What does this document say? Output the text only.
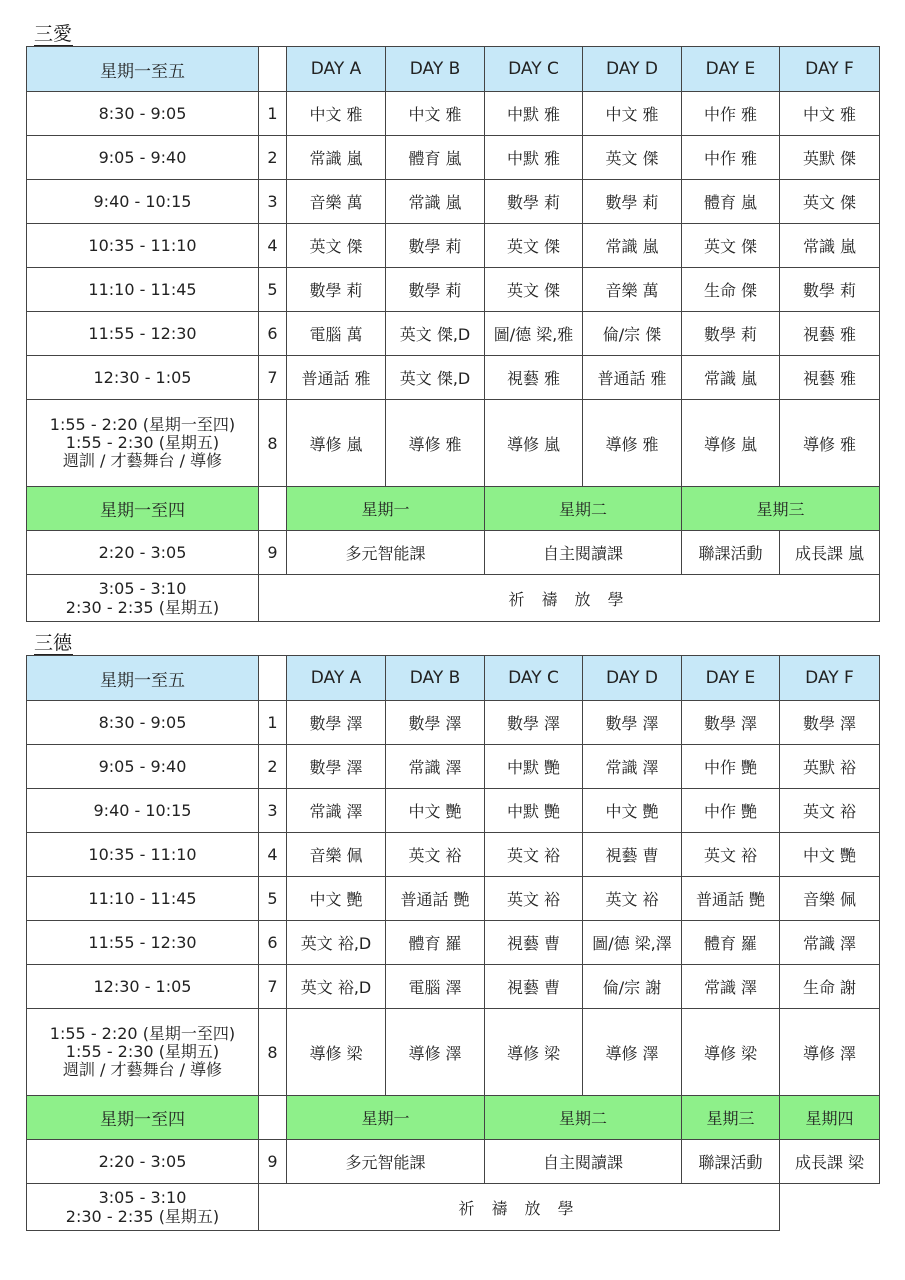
三愛
星期一至五		DAY A	DAY B	DAY C	DAY D	DAY E	DAY F	
8:30 - 9:05	1	中文 雅	中文 雅	中默 雅	中文 雅	中作 雅	中文 雅	
9:05 - 9:40	2	常識 嵐	體育 嵐	中默 雅	英文 傑	中作 雅	英默 傑	
9:40 - 10:15	3	音樂 萬	常識 嵐	數學 莉	數學 莉	體育 嵐	英文 傑	
10:35 - 11:10	4	英文 傑	數學 莉	英文 傑	常識 嵐	英文 傑	常識 嵐	
11:10 - 11:45	5	數學 莉	數學 莉	英文 傑	音樂 萬	生命 傑	數學 莉	
11:55 - 12:30	6	電腦 萬	英文 傑,D	圖/德 梁,雅	倫/宗 傑	數學 莉	視藝 雅	
12:30 - 1:05	7	普通話 雅	英文 傑,D	視藝 雅	普通話 雅	常識 嵐	視藝 雅	

1:55 - 2:20 (星期一至四)
1:55 - 2:30 (星期五)
週訓 / 才藝舞台 / 導修	8	導修 嵐	導修 雅	導修 嵐	導修 雅	導修 嵐	導修 雅	
星期一至四		星期一		星期二		星期三	
2:20 - 3:05	9	多元智能課		自主閱讀課		聯課活動	成長課 嵐	

3:05 - 3:10
2:30 - 2:35 (星期五)	祈 禱 放 學							
三德
星期一至五		DAY A	DAY B	DAY C	DAY D	DAY E	DAY F
8:30 - 9:05	1	數學 澤	數學 澤	數學 澤	數學 澤	數學 澤	數學 澤
9:05 - 9:40	2	數學 澤	常識 澤	中默 艷	常識 澤	中作 艷	英默 裕
9:40 - 10:15	3	常識 澤	中文 艷	中默 艷	中文 艷	中作 艷	英文 裕
10:35 - 11:10	4	音樂 佩	英文 裕	英文 裕	視藝 曹	英文 裕	中文 艷
11:10 - 11:45	5	中文 艷	普通話 艷	英文 裕	英文 裕	普通話 艷	音樂 佩
11:55 - 12:30	6	英文 裕,D	體育 羅	視藝 曹	圖/德 梁,澤	體育 羅	常識 澤
12:30 - 1:05	7	英文 裕,D	電腦 澤	視藝 曹	倫/宗 謝	常識 澤	生命 謝

1:55 - 2:20 (星期一至四)
1:55 - 2:30 (星期五)
週訓 / 才藝舞台 / 導修	8	導修 梁	導修 澤	導修 梁	導修 澤	導修 梁	導修 澤
星期一至四		星期一		星期二		星期三	星期四
2:20 - 3:05	9	多元智能課		自主閱讀課		聯課活動	成長課 梁

3:05 - 3:10
2:30 - 2:35 (星期五)	祈 禱 放 學						
